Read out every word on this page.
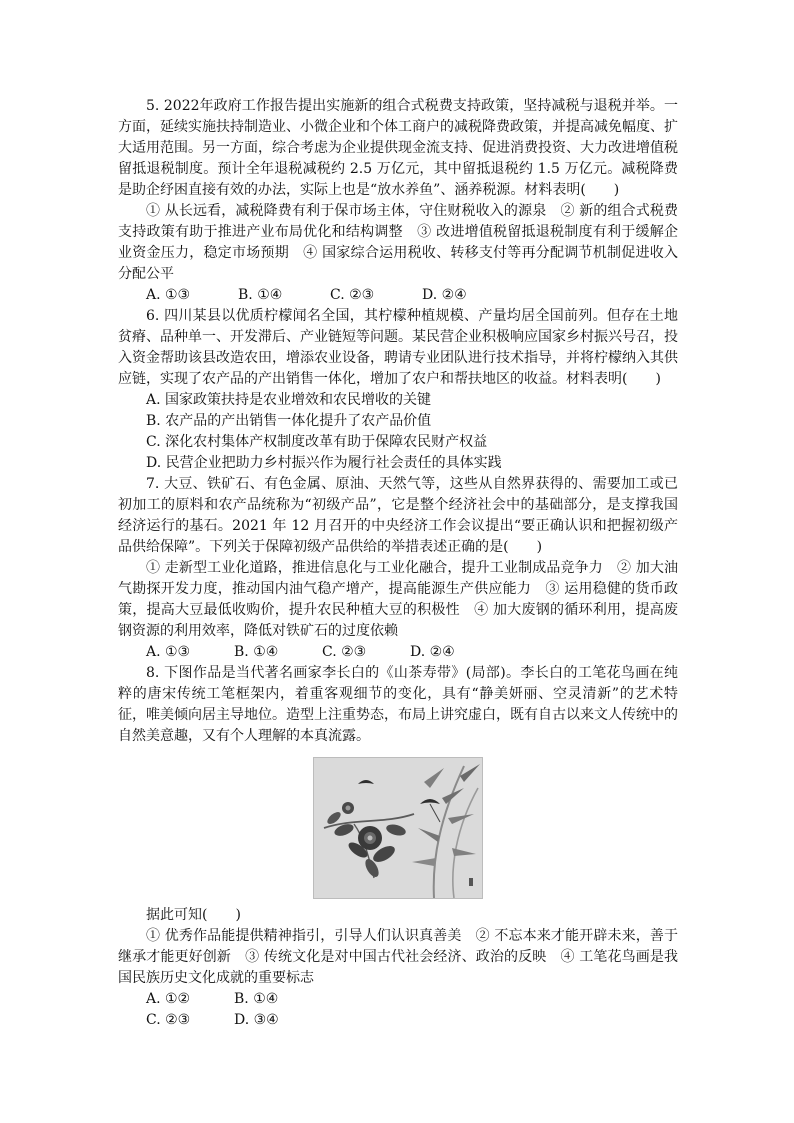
5. 2022年政府工作报告提出实施新的组合式税费支持政策，坚持减税与退税并举。一方面，延续实施扶持制造业、小微企业和个体工商户的减税降费政策，并提高减免幅度、扩大适用范围。另一方面，综合考虑为企业提供现金流支持、促进消费投资、大力改进增值税留抵退税制度。预计全年退税减税约 2.5 万亿元，其中留抵退税约 1.5 万亿元。减税降费是助企纾困直接有效的办法，实际上也是“放水养鱼”、涵养税源。材料表明(　　)

① 从长远看，减税降费有利于保市场主体，守住财税收入的源泉　② 新的组合式税费支持政策有助于推进产业布局优化和结构调整　③ 改进增值税留抵退税制度有利于缓解企业资金压力，稳定市场预期　④ 国家综合运用税收、转移支付等再分配调节机制促进收入分配公平

A. ①③	B. ①④	C. ②③	D. ②④

6. 四川某县以优质柠檬闻名全国，其柠檬种植规模、产量均居全国前列。但存在土地贫瘠、品种单一、开发滞后、产业链短等问题。某民营企业积极响应国家乡村振兴号召，投入资金帮助该县改造农田，增添农业设备，聘请专业团队进行技术指导，并将柠檬纳入其供应链，实现了农产品的产出销售一体化，增加了农户和帮扶地区的收益。材料表明(　　)

A. 国家政策扶持是农业增效和农民增收的关键

B. 农产品的产出销售一体化提升了农产品价值

C. 深化农村集体产权制度改革有助于保障农民财产权益

D. 民营企业把助力乡村振兴作为履行社会责任的具体实践

7. 大豆、铁矿石、有色金属、原油、天然气等，这些从自然界获得的、需要加工或已初加工的原料和农产品统称为“初级产品”，它是整个经济社会中的基础部分，是支撑我国经济运行的基石。2021 年 12 月召开的中央经济工作会议提出“要正确认识和把握初级产品供给保障”。下列关于保障初级产品供给的举措表述正确的是(　　)

① 走新型工业化道路，推进信息化与工业化融合，提升工业制成品竞争力　② 加大油气勘探开发力度，推动国内油气稳产增产，提高能源生产供应能力　③ 运用稳健的货币政策，提高大豆最低收购价，提升农民种植大豆的积极性　④ 加大废钢的循环利用，提高废钢资源的利用效率，降低对铁矿石的过度依赖

A. ①③	B. ①④	C. ②③	D. ②④

8. 下图作品是当代著名画家李长白的《山茶寿带》(局部)。李长白的工笔花鸟画在纯粹的唐宋传统工笔框架内，着重客观细节的变化，具有“静美妍丽、空灵清新”的艺术特征，唯美倾向居主导地位。造型上注重势态，布局上讲究虚白，既有自古以来文人传统中的自然美意趣，又有个人理解的本真流露。

据此可知(　　)

① 优秀作品能提供精神指引，引导人们认识真善美　② 不忘本来才能开辟未来，善于继承才能更好创新　③ 传统文化是对中国古代社会经济、政治的反映　④ 工笔花鸟画是我国民族历史文化成就的重要标志

A. ①②	B. ①④

C. ②③	D. ③④
